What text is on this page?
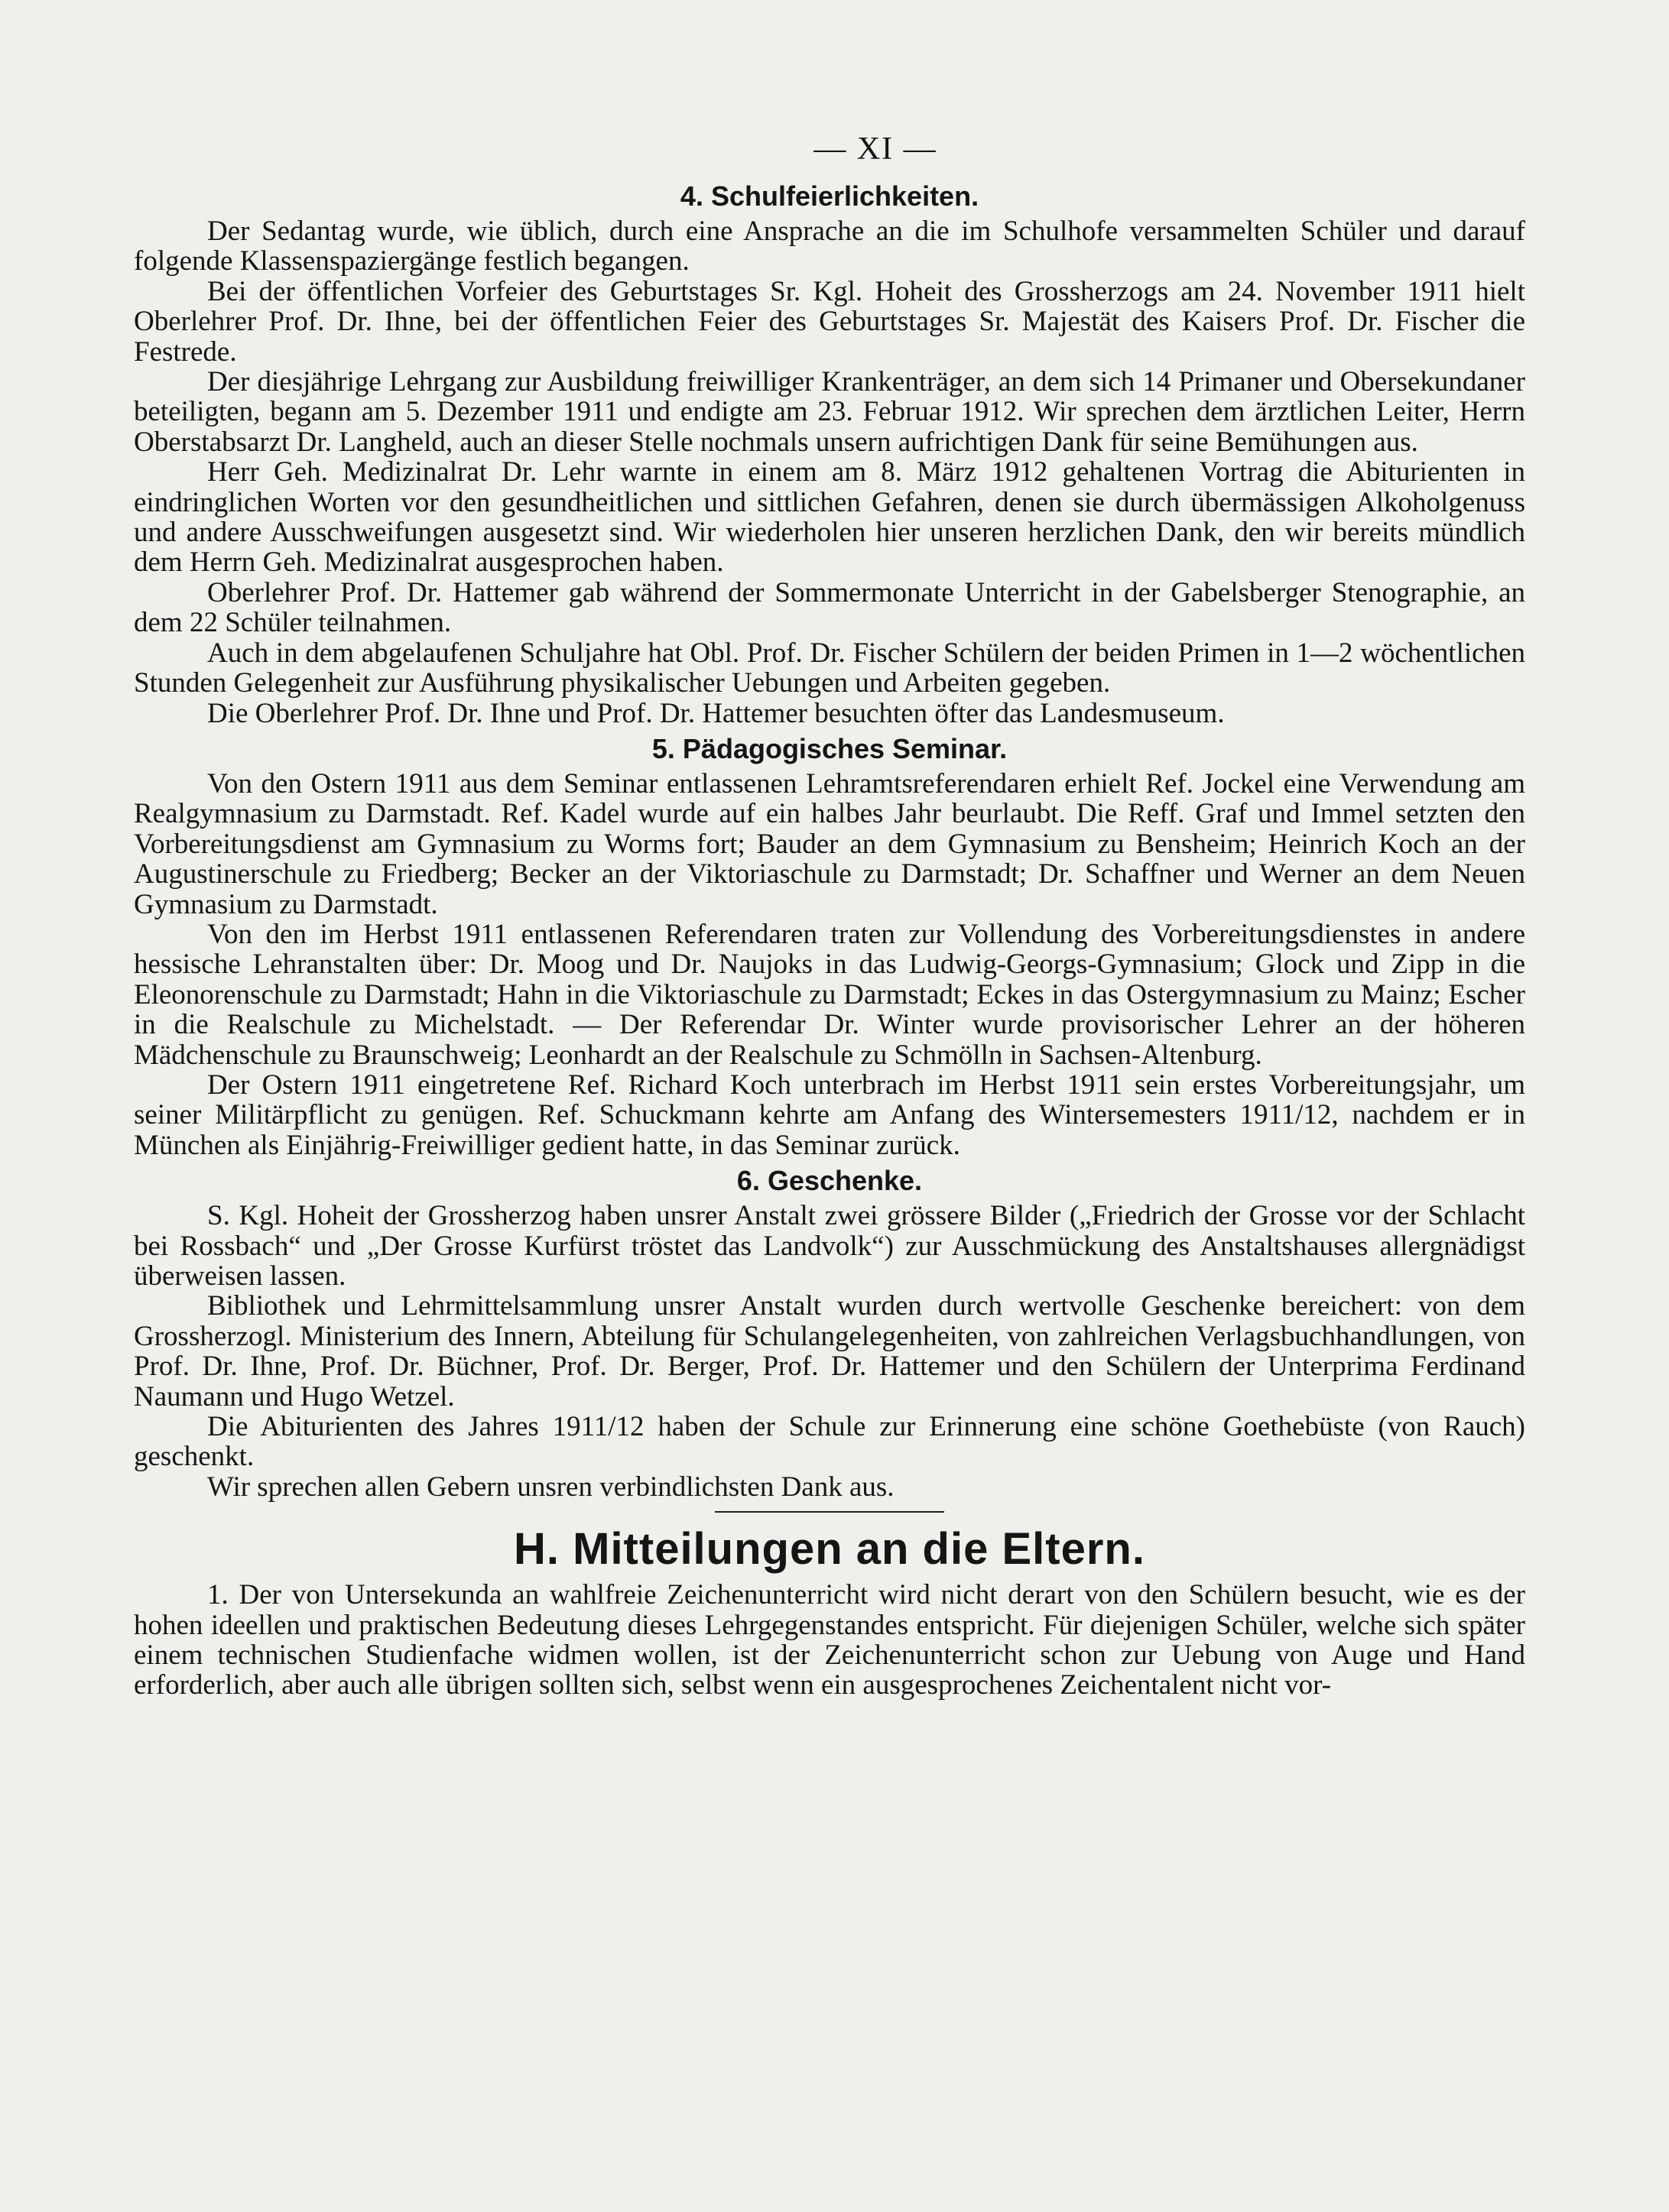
— XI —
4. Schulfeierlichkeiten.

Der Sedantag wurde, wie üblich, durch eine Ansprache an die im Schulhofe versammelten Schüler und darauf folgende Klassenspaziergänge festlich begangen.

Bei der öffentlichen Vorfeier des Geburtstages Sr. Kgl. Hoheit des Grossherzogs am 24. November 1911 hielt Oberlehrer Prof. Dr. Ihne, bei der öffentlichen Feier des Geburtstages Sr. Majestät des Kaisers Prof. Dr. Fischer die Festrede.

Der diesjährige Lehrgang zur Ausbildung freiwilliger Krankenträger, an dem sich 14 Primaner und Obersekundaner beteiligten, begann am 5. Dezember 1911 und endigte am 23. Februar 1912. Wir sprechen dem ärztlichen Leiter, Herrn Oberstabsarzt Dr. Langheld, auch an dieser Stelle nochmals unsern aufrichtigen Dank für seine Bemühungen aus.

Herr Geh. Medizinalrat Dr. Lehr warnte in einem am 8. März 1912 gehaltenen Vortrag die Abiturienten in eindringlichen Worten vor den gesundheitlichen und sittlichen Gefahren, denen sie durch übermässigen Alkoholgenuss und andere Ausschweifungen ausgesetzt sind. Wir wiederholen hier unseren herzlichen Dank, den wir bereits mündlich dem Herrn Geh. Medizinalrat ausgesprochen haben.

Oberlehrer Prof. Dr. Hattemer gab während der Sommermonate Unterricht in der Gabelsberger Stenographie, an dem 22 Schüler teilnahmen.

Auch in dem abgelaufenen Schuljahre hat Obl. Prof. Dr. Fischer Schülern der beiden Primen in 1—2 wöchentlichen Stunden Gelegenheit zur Ausführung physikalischer Uebungen und Arbeiten gegeben.

Die Oberlehrer Prof. Dr. Ihne und Prof. Dr. Hattemer besuchten öfter das Landesmuseum.

5. Pädagogisches Seminar.

Von den Ostern 1911 aus dem Seminar entlassenen Lehramtsreferendaren erhielt Ref. Jockel eine Verwendung am Realgymnasium zu Darmstadt. Ref. Kadel wurde auf ein halbes Jahr beurlaubt. Die Reff. Graf und Immel setzten den Vorbereitungsdienst am Gymnasium zu Worms fort; Bauder an dem Gymnasium zu Bensheim; Heinrich Koch an der Augustinerschule zu Friedberg; Becker an der Viktoriaschule zu Darmstadt; Dr. Schaffner und Werner an dem Neuen Gymnasium zu Darmstadt.

Von den im Herbst 1911 entlassenen Referendaren traten zur Vollendung des Vorbereitungsdienstes in andere hessische Lehranstalten über: Dr. Moog und Dr. Naujoks in das Ludwig-Georgs-Gymnasium; Glock und Zipp in die Eleonorenschule zu Darmstadt; Hahn in die Viktoriaschule zu Darmstadt; Eckes in das Ostergymnasium zu Mainz; Escher in die Realschule zu Michelstadt. — Der Referendar Dr. Winter wurde provisorischer Lehrer an der höheren Mädchenschule zu Braunschweig; Leonhardt an der Realschule zu Schmölln in Sachsen-Altenburg.

Der Ostern 1911 eingetretene Ref. Richard Koch unterbrach im Herbst 1911 sein erstes Vorbereitungsjahr, um seiner Militärpflicht zu genügen. Ref. Schuckmann kehrte am Anfang des Wintersemesters 1911/12, nachdem er in München als Einjährig-Freiwilliger gedient hatte, in das Seminar zurück.

6. Geschenke.

S. Kgl. Hoheit der Grossherzog haben unsrer Anstalt zwei grössere Bilder („Friedrich der Grosse vor der Schlacht bei Rossbach“ und „Der Grosse Kurfürst tröstet das Landvolk“) zur Ausschmückung des Anstaltshauses allergnädigst überweisen lassen.

Bibliothek und Lehrmittelsammlung unsrer Anstalt wurden durch wertvolle Geschenke bereichert: von dem Grossherzogl. Ministerium des Innern, Abteilung für Schulangelegenheiten, von zahlreichen Verlagsbuchhandlungen, von Prof. Dr. Ihne, Prof. Dr. Büchner, Prof. Dr. Berger, Prof. Dr. Hattemer und den Schülern der Unterprima Ferdinand Naumann und Hugo Wetzel.

Die Abiturienten des Jahres 1911/12 haben der Schule zur Erinnerung eine schöne Goethebüste (von Rauch) geschenkt.

Wir sprechen allen Gebern unsren verbindlichsten Dank aus.

H. Mitteilungen an die Eltern.

1. Der von Untersekunda an wahlfreie Zeichenunterricht wird nicht derart von den Schülern besucht, wie es der hohen ideellen und praktischen Bedeutung dieses Lehrgegenstandes entspricht. Für diejenigen Schüler, welche sich später einem technischen Studienfache widmen wollen, ist der Zeichenunterricht schon zur Uebung von Auge und Hand erforderlich, aber auch alle übrigen sollten sich, selbst wenn ein ausgesprochenes Zeichentalent nicht vor-
